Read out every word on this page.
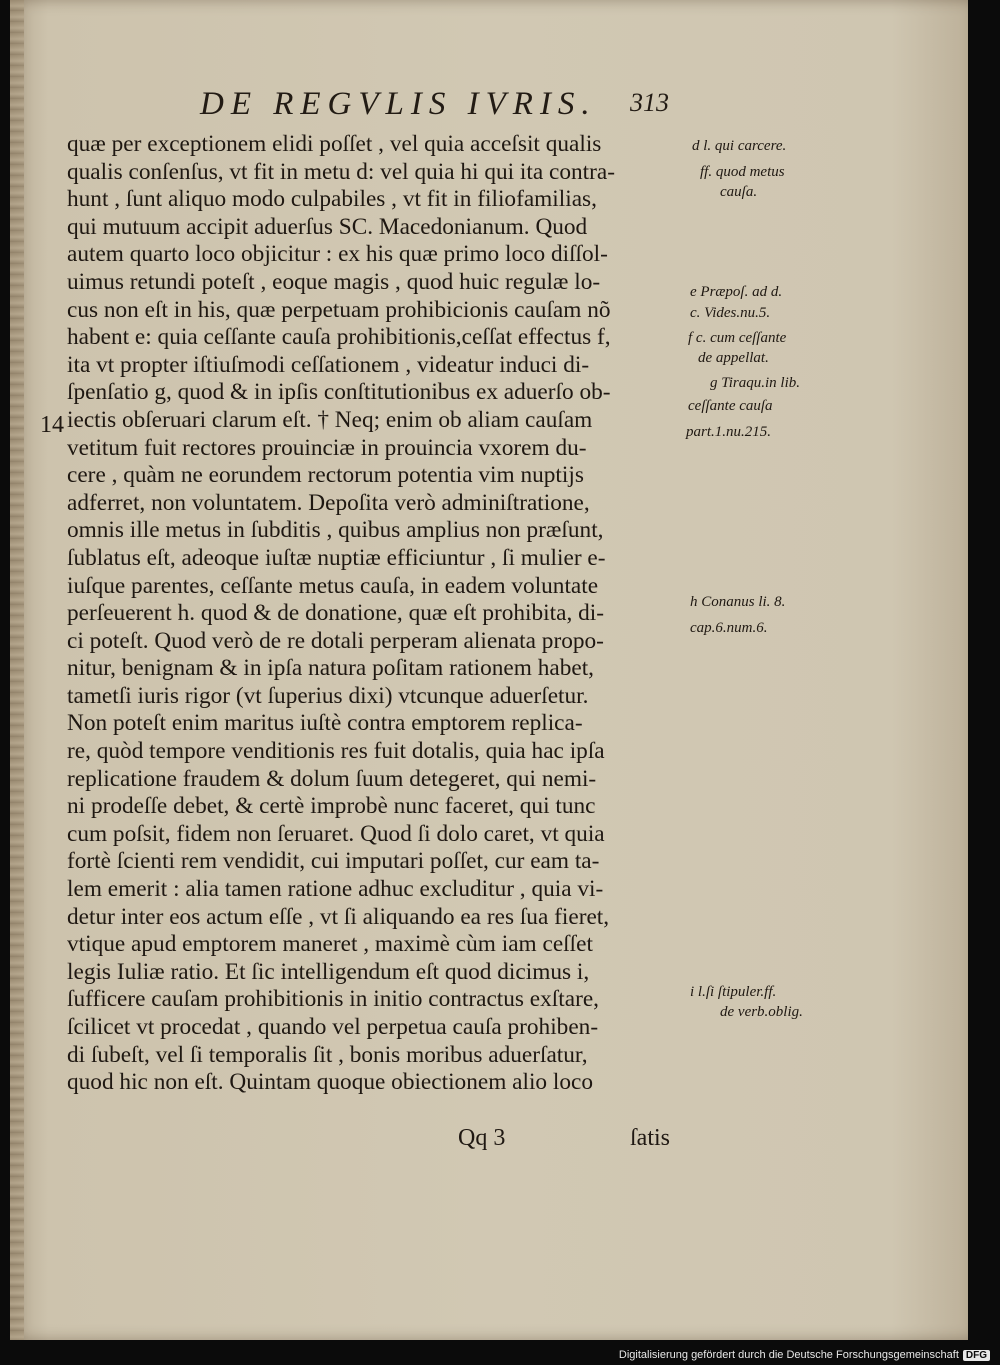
DE REGVLIS IVRIS.	313
14
quæ per exceptionem elidi poſſet , vel quia acceſsit qualis
qualis conſenſus, vt fit in metu d: vel quia hi qui ita contra-
hunt , ſunt aliquo modo culpabiles , vt fit in filiofamilias,
qui mutuum accipit aduerſus SC. Macedonianum. Quod
autem quarto loco objicitur : ex his quæ primo loco diſſol-
uimus retundi poteſt , eoque magis , quod huic regulæ lo-
cus non eſt in his, quæ perpetuam prohibicionis cauſam nõ
habent e: quia ceſſante cauſa prohibitionis,ceſſat effectus f,
ita vt propter iſtiuſmodi ceſſationem , videatur induci di-
ſpenſatio g, quod & in ipſis conſtitutionibus ex aduerſo ob-
iectis obſeruari clarum eſt. † Neq; enim ob aliam cauſam
vetitum fuit rectores prouinciæ in prouincia vxorem du-
cere , quàm ne eorundem rectorum potentia vim nuptijs
adferret, non voluntatem. Depoſita verò adminiſtratione,
omnis ille metus in ſubditis , quibus amplius non præſunt,
ſublatus eſt, adeoque iuſtæ nuptiæ efficiuntur , ſi mulier e-
iuſque parentes, ceſſante metus cauſa, in eadem voluntate
perſeuerent h. quod & de donatione, quæ eſt prohibita, di-
ci poteſt. Quod verò de re dotali perperam alienata propo-
nitur, benignam & in ipſa natura poſitam rationem habet,
tametſi iuris rigor (vt ſuperius dixi) vtcunque aduerſetur.
Non poteſt enim maritus iuſtè contra emptorem replica-
re, quòd tempore venditionis res fuit dotalis, quia hac ipſa
replicatione fraudem & dolum ſuum detegeret, qui nemi-
ni prodeſſe debet, & certè improbè nunc faceret, qui tunc
cum poſsit, fidem non ſeruaret. Quod ſi dolo caret, vt quia
fortè ſcienti rem vendidit, cui imputari poſſet, cur eam ta-
lem emerit : alia tamen ratione adhuc excluditur , quia vi-
detur inter eos actum eſſe , vt ſi aliquando ea res ſua fieret,
vtique apud emptorem maneret , maximè cùm iam ceſſet
legis Iuliæ ratio. Et ſic intelligendum eſt quod dicimus i,
ſufficere cauſam prohibitionis in initio contractus exſtare,
ſcilicet vt procedat , quando vel perpetua cauſa prohiben-
di ſubeſt, vel ſi temporalis ſit , bonis moribus aduerſatur,
quod hic non eſt. Quintam quoque obiectionem alio loco
d l. qui carcere.
ff. quod metus
cauſa.
e Præpoſ. ad d.
c. Vides.nu.5.
f c. cum ceſſante
de appellat.
g Tiraqu.in lib.
ceſſante cauſa
part.1.nu.215.
h Conanus li. 8.
cap.6.num.6.
i l.ſi ſtipuler.ff.
de verb.oblig.
Qq 3	ſatis
Digitalisierung gefördert durch die Deutsche Forschungsgemeinschaft DFG
